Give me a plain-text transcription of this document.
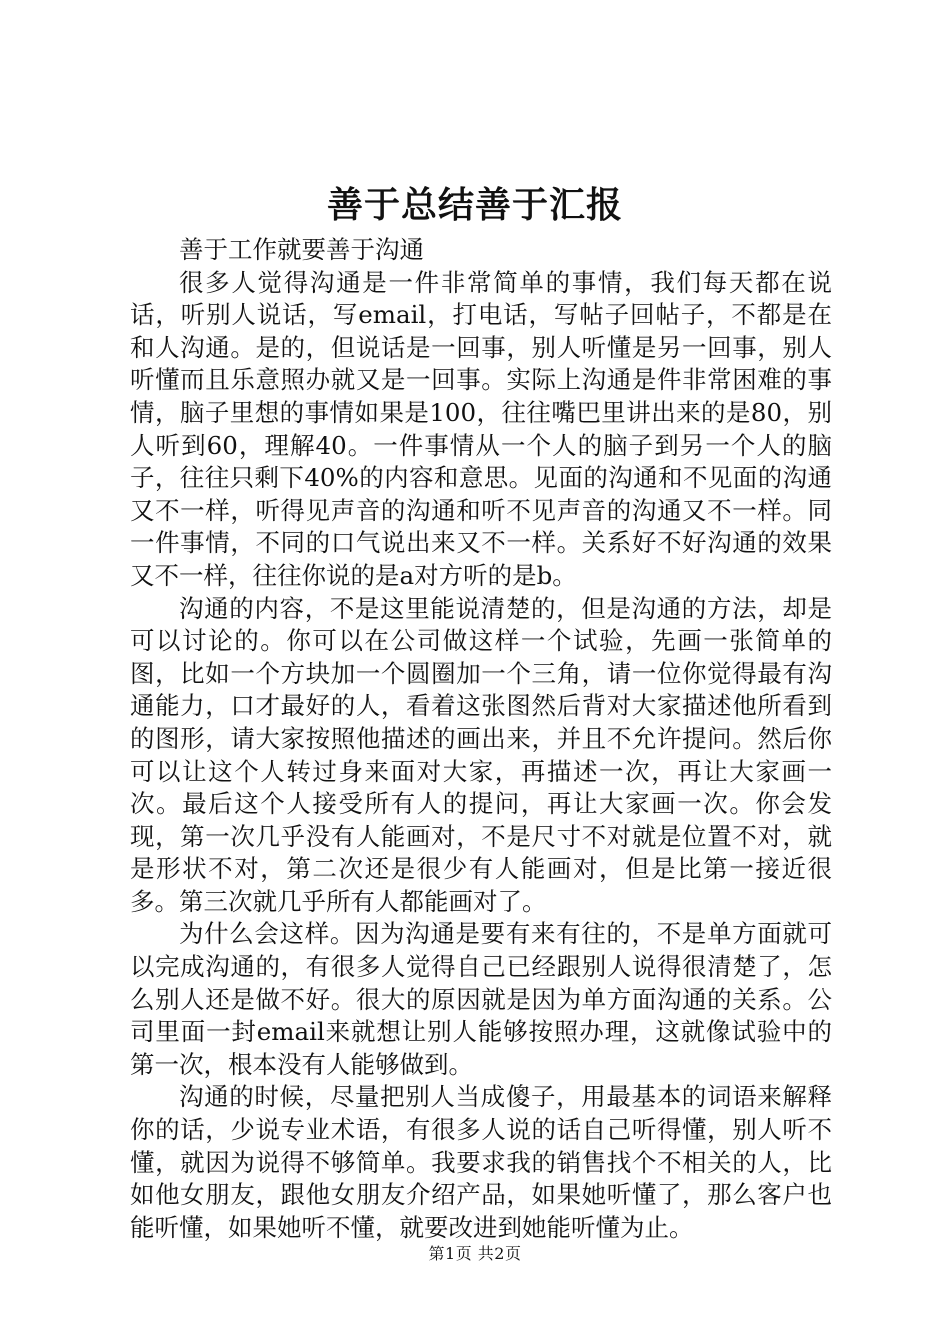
善于总结善于汇报

善于工作就要善于沟通

很多人觉得沟通是一件非常简单的事情，我们每天都在说话，听别人说话，写email，打电话，写帖子回帖子，不都是在和人沟通。是的，但说话是一回事，别人听懂是另一回事，别人听懂而且乐意照办就又是一回事。实际上沟通是件非常困难的事情，脑子里想的事情如果是100，往往嘴巴里讲出来的是80，别人听到60，理解40。一件事情从一个人的脑子到另一个人的脑子，往往只剩下40%的内容和意思。见面的沟通和不见面的沟通又不一样，听得见声音的沟通和听不见声音的沟通又不一样。同一件事情，不同的口气说出来又不一样。关系好不好沟通的效果又不一样，往往你说的是a对方听的是b。

沟通的内容，不是这里能说清楚的，但是沟通的方法，却是可以讨论的。你可以在公司做这样一个试验，先画一张简单的图，比如一个方块加一个圆圈加一个三角，请一位你觉得最有沟通能力，口才最好的人，看着这张图然后背对大家描述他所看到的图形，请大家按照他描述的画出来，并且不允许提问。然后你可以让这个人转过身来面对大家，再描述一次，再让大家画一次。最后这个人接受所有人的提问，再让大家画一次。你会发现，第一次几乎没有人能画对，不是尺寸不对就是位置不对，就是形状不对，第二次还是很少有人能画对，但是比第一接近很多。第三次就几乎所有人都能画对了。

为什么会这样。因为沟通是要有来有往的，不是单方面就可以完成沟通的，有很多人觉得自己已经跟别人说得很清楚了，怎么别人还是做不好。很大的原因就是因为单方面沟通的关系。公司里面一封email来就想让别人能够按照办理，这就像试验中的第一次，根本没有人能够做到。

沟通的时候，尽量把别人当成傻子，用最基本的词语来解释你的话，少说专业术语，有很多人说的话自己听得懂，别人听不懂，就因为说得不够简单。我要求我的销售找个不相关的人，比如他女朋友，跟他女朋友介绍产品，如果她听懂了，那么客户也能听懂，如果她听不懂，就要改进到她能听懂为止。

第1页 共2页
